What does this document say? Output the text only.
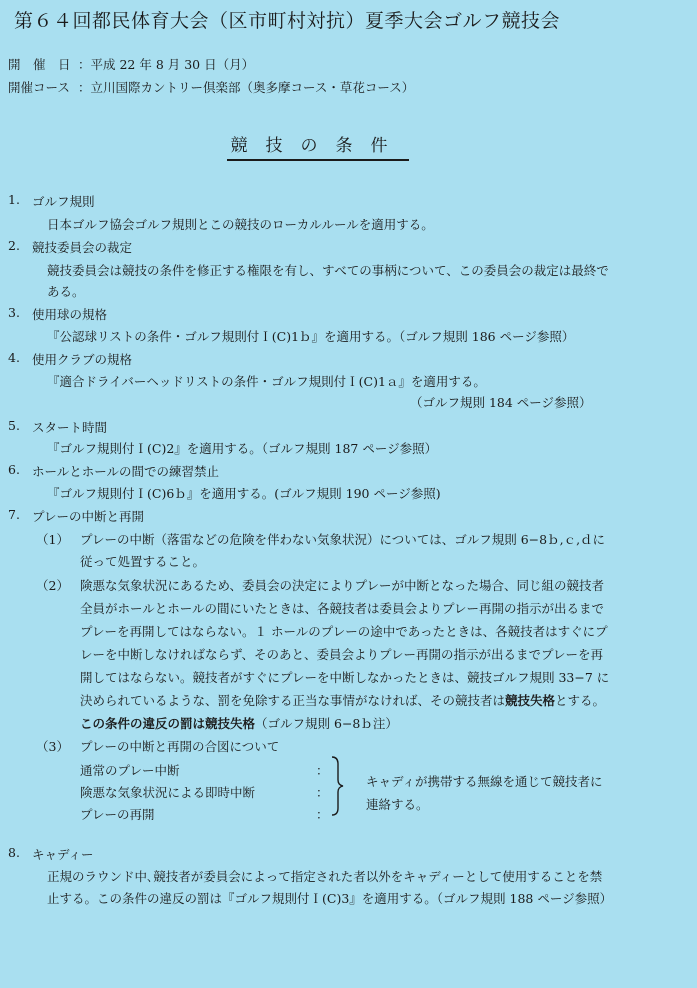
第６４回都民体育大会（区市町村対抗）夏季大会ゴルフ競技会
開　催　日 ：平成 22 年 8 月 30 日（月）
開催コース ：立川国際カントリー倶楽部（奥多摩コース・草花コース）
競技の条件
1. ゴルフ規則
日本ゴルフ協会ゴルフ規則とこの競技のローカルルールを適用する。
2. 競技委員会の裁定
競技委員会は競技の条件を修正する権限を有し、すべての事柄について、この委員会の裁定は最終で
ある。
3. 使用球の規格
『公認球リストの条件・ゴルフ規則付Ｉ(C)1ｂ』を適用する。（ゴルフ規則 186 ページ参照）
4. 使用クラブの規格
『適合ドライバーヘッドリストの条件・ゴルフ規則付Ｉ(C)1ａ』を適用する。
（ゴルフ規則 184 ページ参照）
5. スタート時間
『ゴルフ規則付Ｉ(C)2』を適用する。（ゴルフ規則 187 ページ参照）
6. ホールとホールの間での練習禁止
『ゴルフ規則付Ｉ(C)6ｂ』を適用する。(ゴルフ規則 190 ページ参照)
7. プレーの中断と再開
（1） プレーの中断（落雷などの危険を伴わない気象状況）については、ゴルフ規則 6−8ｂ,ｃ,ｄに
従って処置すること。
（2） 険悪な気象状況にあるため、委員会の決定によりプレーが中断となった場合、同じ組の競技者
全員がホールとホールの間にいたときは、各競技者は委員会よりプレー再開の指示が出るまで
プレーを再開してはならない。１ ホールのプレーの途中であったときは、各競技者はすぐにプ
レーを中断しなければならず、そのあと、委員会よりプレー再開の指示が出るまでプレーを再
開してはならない。競技者がすぐにプレーを中断しなかったときは、競技ゴルフ規則 33−7 に
決められているような、罰を免除する正当な事情がなければ、その競技者は競技失格とする。
この条件の違反の罰は競技失格（ゴルフ規則 6−8ｂ注）
（3） プレーの中断と再開の合図について
通常のプレー中断
険悪な気象状況による即時中断
プレーの再開
：
：
：
キャディが携帯する無線を通じて競技者に
連絡する。
8. キャディー
正規のラウンド中､競技者が委員会によって指定された者以外をキャディーとして使用することを禁
止する。この条件の違反の罰は『ゴルフ規則付Ｉ(C)3』を適用する。（ゴルフ規則 188 ページ参照）
